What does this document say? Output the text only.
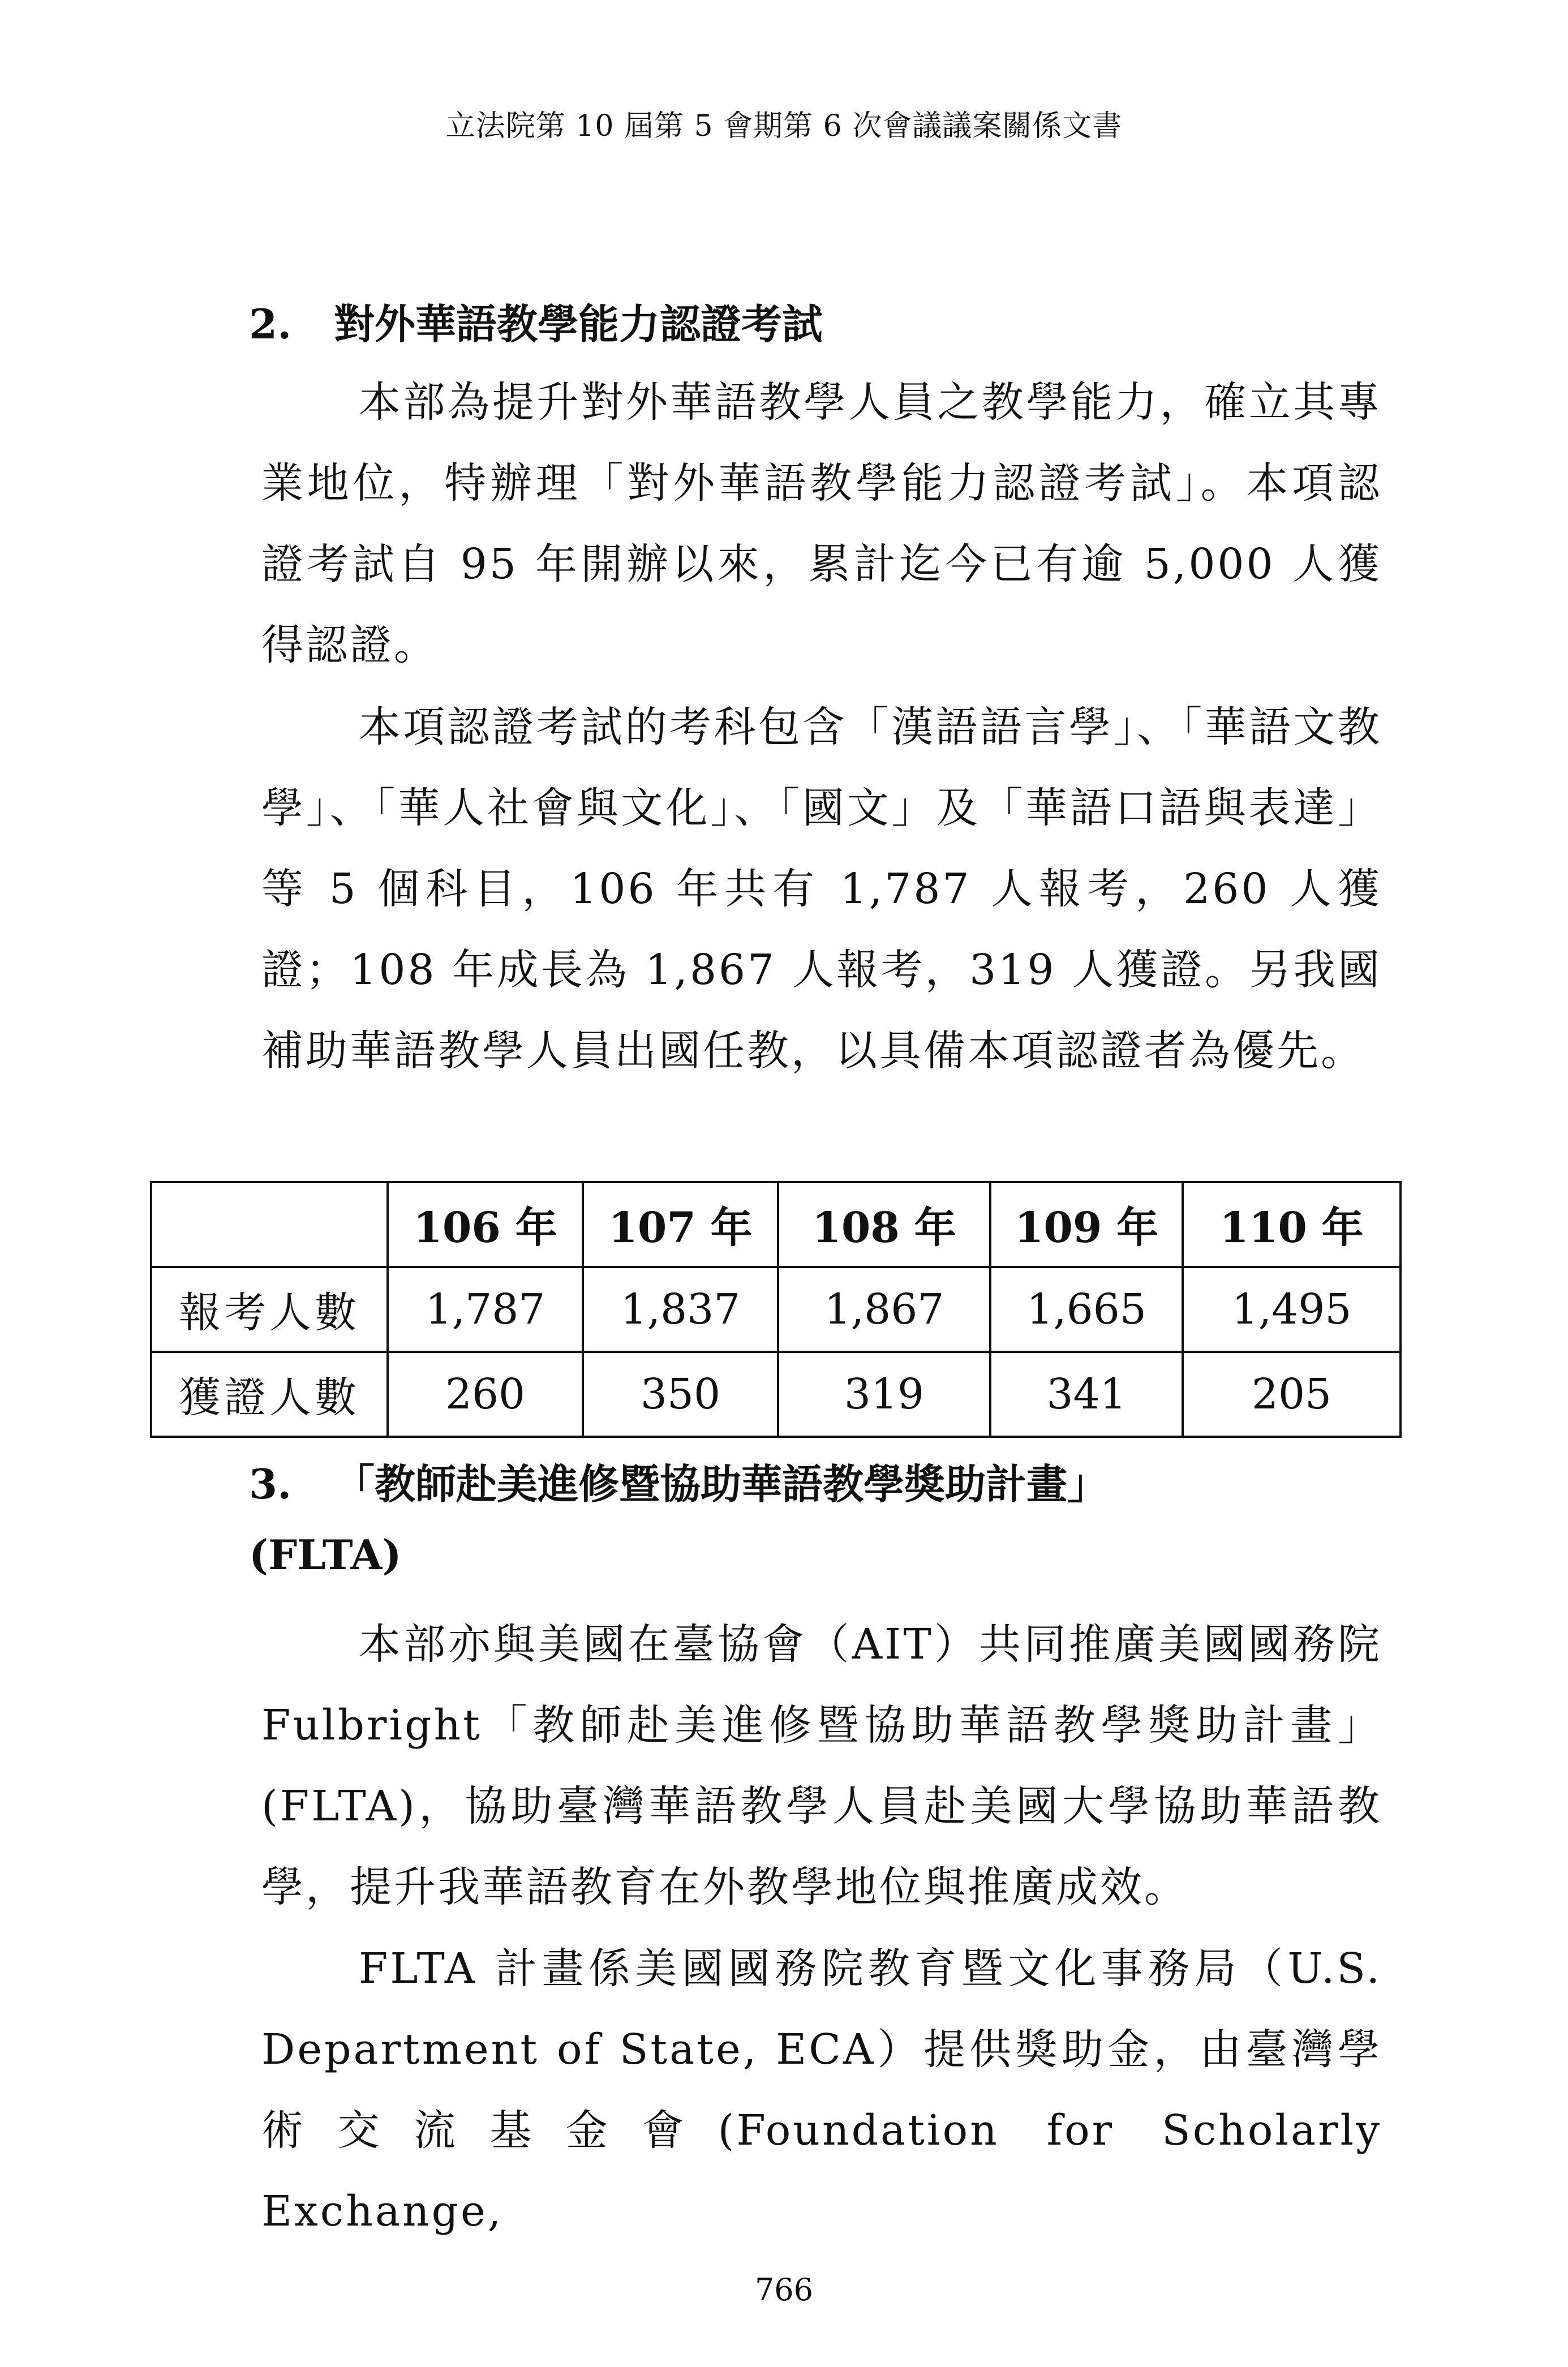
立法院第 10 屆第 5 會期第 6 次會議議案關係文書
2. 對外華語教學能力認證考試

本部為提升對外華語教學人員之教學能力，確立其專業地位，特辦理「對外華語教學能力認證考試」。本項認證考試自 95 年開辦以來，累計迄今已有逾 5,000 人獲得認證。

本項認證考試的考科包含「漢語語言學」、「華語文教學」、「華人社會與文化」、「國文」及「華語口語與表達」等 5 個科目，106 年共有 1,787 人報考，260 人獲證；108 年成長為 1,867 人報考，319 人獲證。另我國補助華語教學人員出國任教，以具備本項認證者為優先。

	106 年	107 年	108 年	109 年	110 年
報考人數	1,787	1,837	1,867	1,665	1,495
獲證人數	260	350	319	341	205
3. 「教師赴美進修暨協助華語教學獎助計畫」
(FLTA)

本部亦與美國在臺協會（AIT）共同推廣美國國務院 Fulbright「教師赴美進修暨協助華語教學獎助計畫」(FLTA)，協助臺灣華語教學人員赴美國大學協助華語教學，提升我華語教育在外教學地位與推廣成效。

FLTA 計畫係美國國務院教育暨文化事務局（U.S. Department of State, ECA）提供獎助金，由臺灣學術交流基金會(Foundation for Scholarly Exchange,

766
